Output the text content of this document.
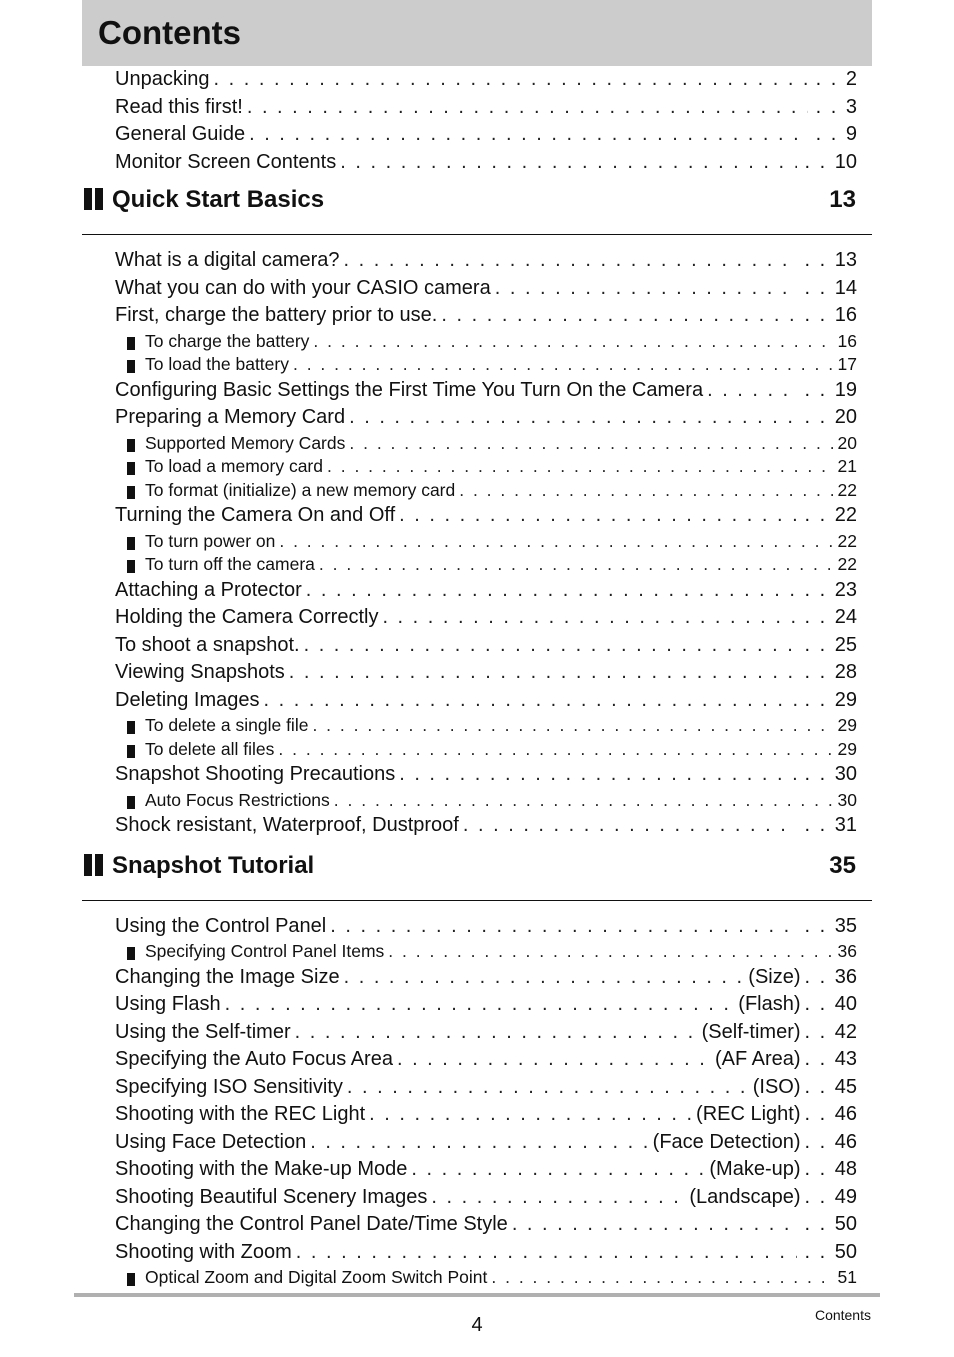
Contents
Unpacking . . .	. . 2
Read this first! . . .	. . 3
General Guide . . .	. . 9
Monitor Screen Contents . . .	. . 10
Quick Start Basics	13
What is a digital camera? . . .	. . 13
What you can do with your CASIO camera . . .	. . 14
First, charge the battery prior to use. . . .	. . 16
To charge the battery . . .	16
To load the battery . . .	17
Configuring Basic Settings the First Time You Turn On the Camera . . .	. . 19
Preparing a Memory Card . . .	. . 20
Supported Memory Cards . . .	20
To load a memory card . . .	21
To format (initialize) a new memory card . . .	22
Turning the Camera On and Off . . .	. . 22
To turn power on . . .	22
To turn off the camera . . .	22
Attaching a Protector . . .	. . 23
Holding the Camera Correctly . . .	. . 24
To shoot a snapshot. . . .	. . 25
Viewing Snapshots . . .	. . 28
Deleting Images . . .	. . 29
To delete a single file . . .	29
To delete all files . . .	29
Snapshot Shooting Precautions . . .	. . 30
Auto Focus Restrictions . . .	30
Shock resistant, Waterproof, Dustproof . . .	. . 31
Snapshot Tutorial	35
Using the Control Panel . . .	. . 35
Specifying Control Panel Items . . .	36
Changing the Image Size . . .	(Size)	. . 36
Using Flash . . .	(Flash)	. . 40
Using the Self-timer . . .	(Self-timer)	. . 42
Specifying the Auto Focus Area . . .	(AF Area)	. . 43
Specifying ISO Sensitivity . . .	(ISO)	. . 45
Shooting with the REC Light . . .	(REC Light)	. . 46
Using Face Detection . . .	(Face Detection)	. . 46
Shooting with the Make-up Mode . . .	(Make-up)	. . 48
Shooting Beautiful Scenery Images . . .	(Landscape)	. . 49
Changing the Control Panel Date/Time Style . . .	. . 50
Shooting with Zoom . . .	. . 50
Optical Zoom and Digital Zoom Switch Point . . .	51
4	Contents
